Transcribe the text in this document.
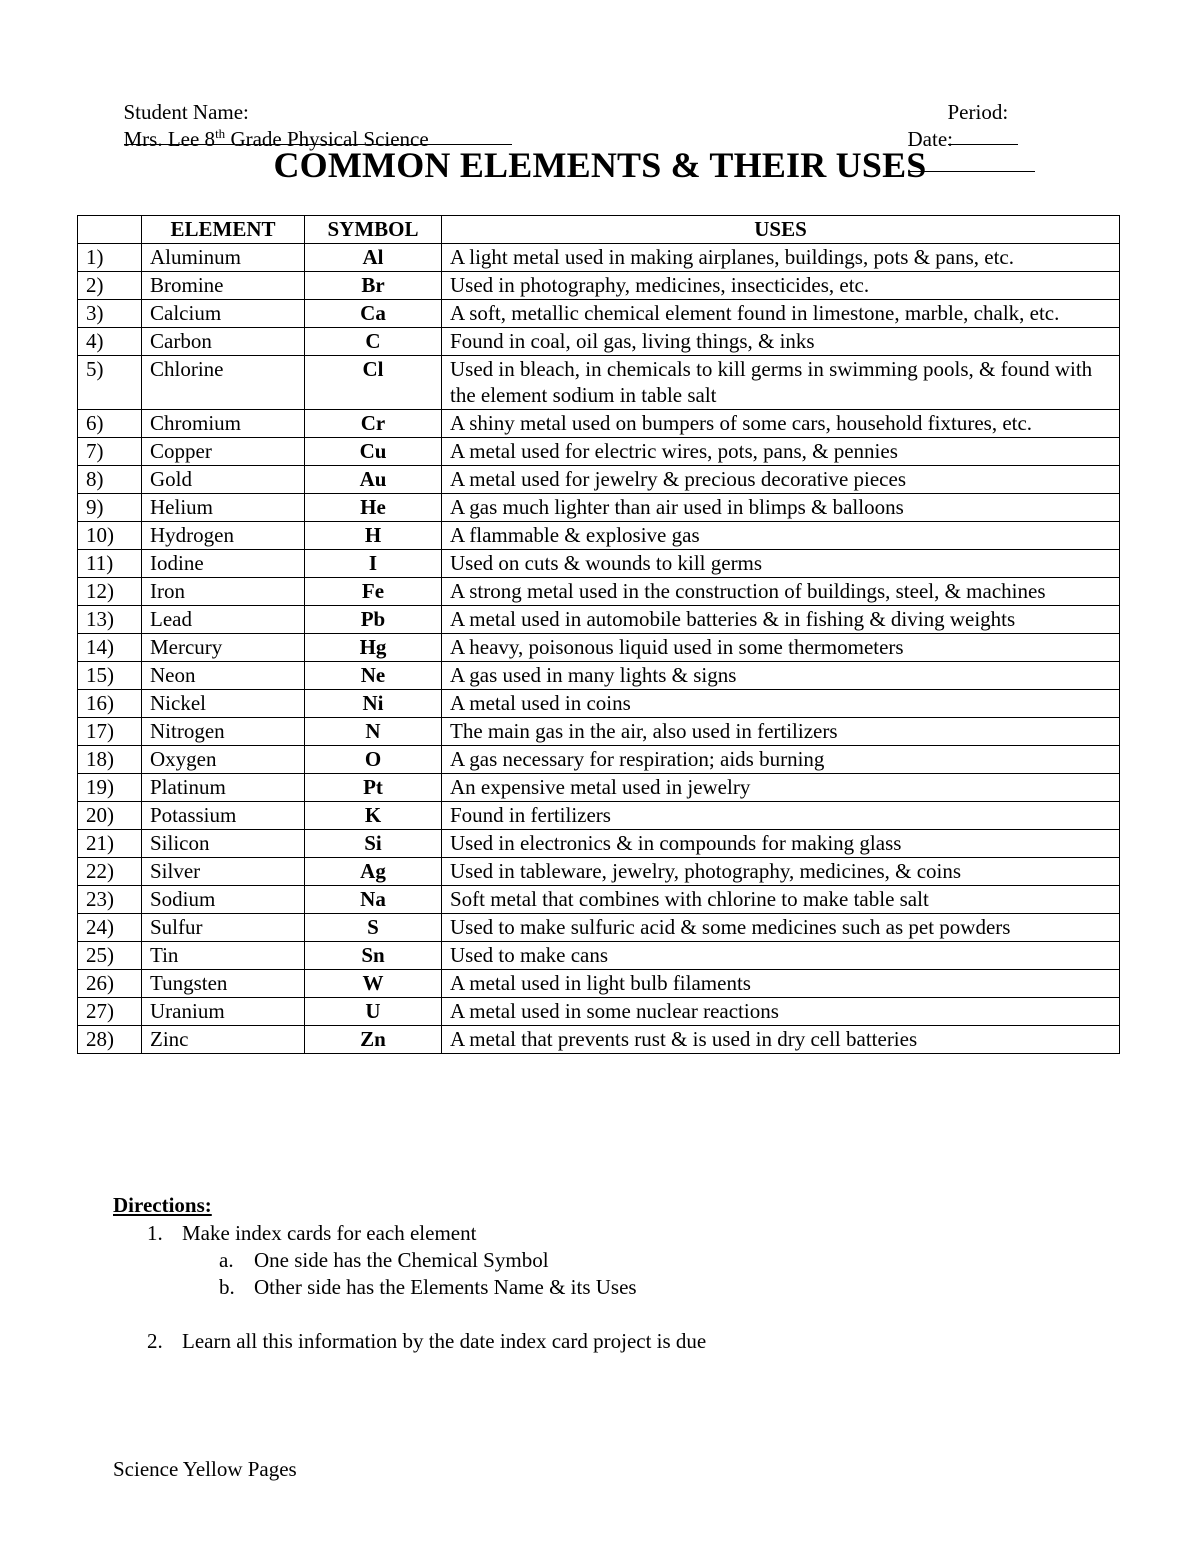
Student Name:
	Period:

Mrs. Lee 8th Grade Physical Science	Date:

COMMON ELEMENTS & THEIR USES
	ELEMENT	SYMBOL	USES
1)	Aluminum	Al	A light metal used in making airplanes, buildings, pots & pans, etc.
2)	Bromine	Br	Used in photography, medicines, insecticides, etc.
3)	Calcium	Ca	A soft, metallic chemical element found in limestone, marble, chalk, etc.
4)	Carbon	C	Found in coal, oil gas, living things, & inks
5)	Chlorine	Cl	Used in bleach, in chemicals to kill germs in swimming pools, & found with the element sodium in table salt
6)	Chromium	Cr	A shiny metal used on bumpers of some cars, household fixtures, etc.
7)	Copper	Cu	A metal used for electric wires, pots, pans, & pennies
8)	Gold	Au	A metal used for jewelry & precious decorative pieces
9)	Helium	He	A gas much lighter than air used in blimps & balloons
10)	Hydrogen	H	A flammable & explosive gas
11)	Iodine	I	Used on cuts & wounds to kill germs
12)	Iron	Fe	A strong metal used in the construction of buildings, steel, & machines
13)	Lead	Pb	A metal used in automobile batteries & in fishing & diving weights
14)	Mercury	Hg	A heavy, poisonous liquid used in some thermometers
15)	Neon	Ne	A gas used in many lights & signs
16)	Nickel	Ni	A metal used in coins
17)	Nitrogen	N	The main gas in the air, also used in fertilizers
18)	Oxygen	O	A gas necessary for respiration; aids burning
19)	Platinum	Pt	An expensive metal used in jewelry
20)	Potassium	K	Found in fertilizers
21)	Silicon	Si	Used in electronics & in compounds for making glass
22)	Silver	Ag	Used in tableware, jewelry, photography, medicines, & coins
23)	Sodium	Na	Soft metal that combines with chlorine to make table salt
24)	Sulfur	S	Used to make sulfuric acid & some medicines such as pet powders
25)	Tin	Sn	Used to make cans
26)	Tungsten	W	A metal used in light bulb filaments
27)	Uranium	U	A metal used in some nuclear reactions
28)	Zinc	Zn	A metal that prevents rust & is used in dry cell batteries
Directions:
1. Make index cards for each element
a. One side has the Chemical Symbol
b. Other side has the Elements Name & its Uses
2. Learn all this information by the date index card project is due
Science Yellow Pages
